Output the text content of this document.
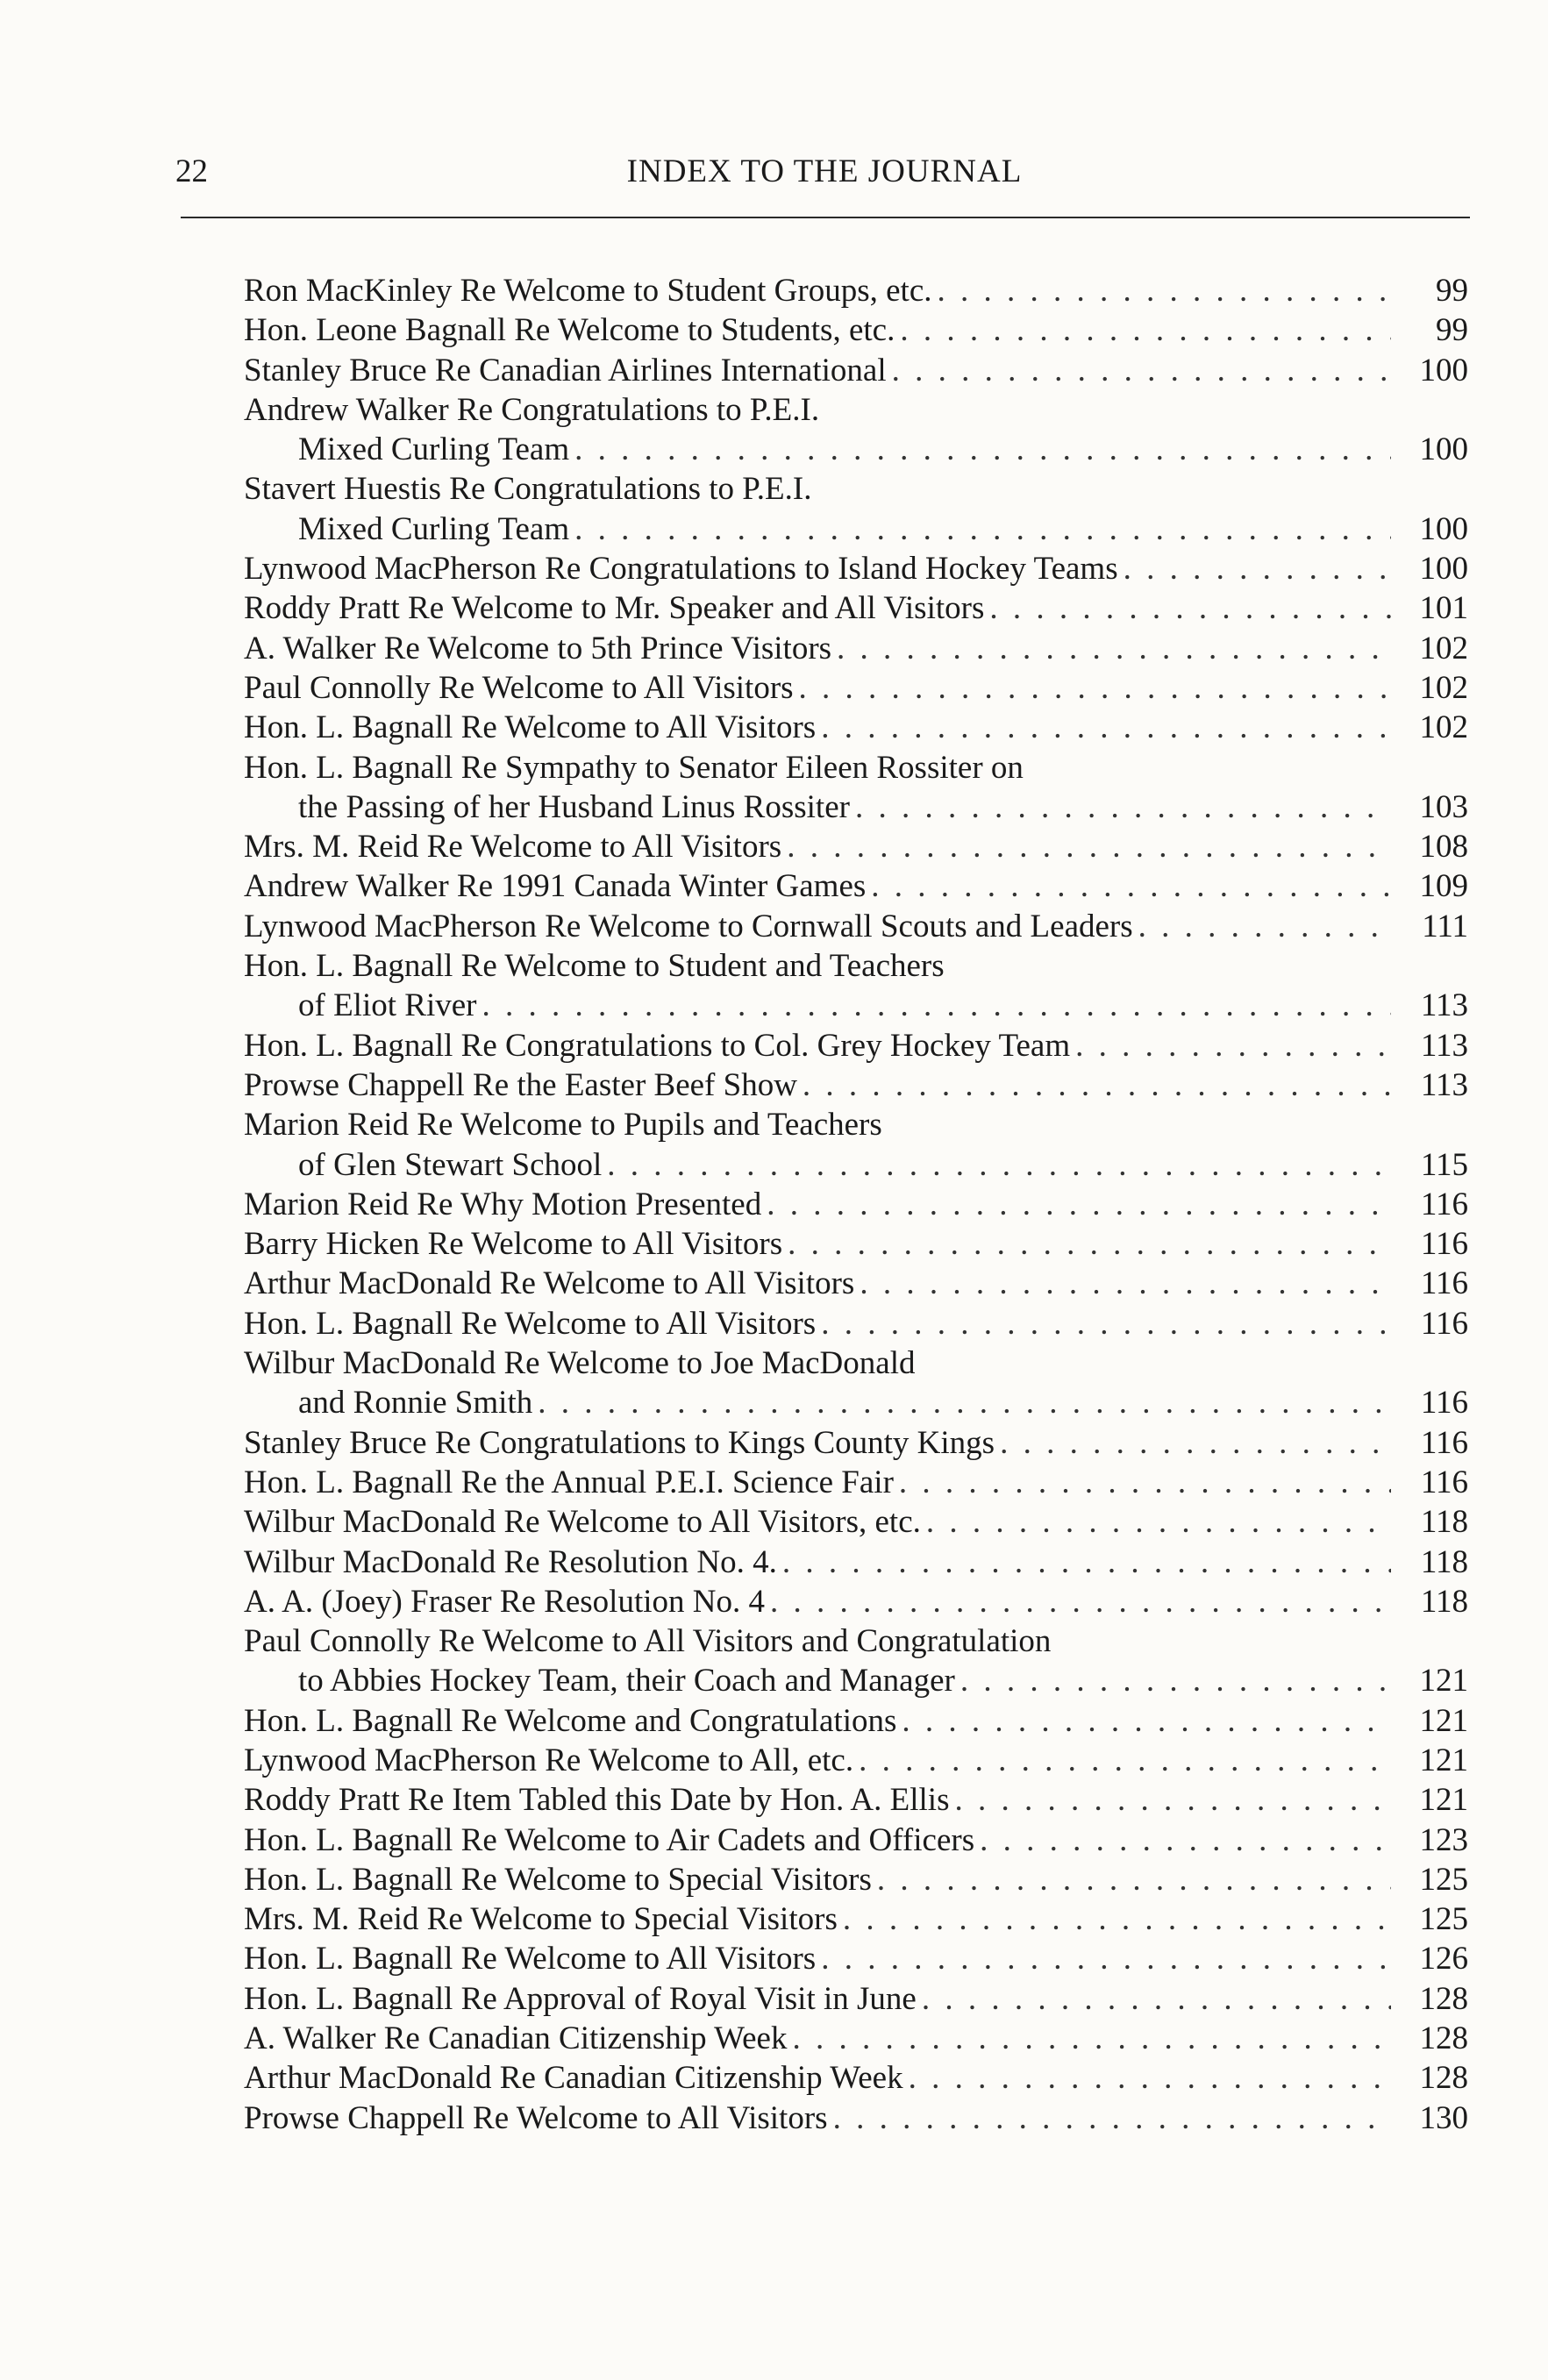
22	INDEX TO THE JOURNAL
Ron MacKinley Re Welcome to Student Groups, etc. . . .	99
Hon. Leone Bagnall Re Welcome to Students, etc. . . .	99
Stanley Bruce Re Canadian Airlines International . . .	100
Andrew Walker Re Congratulations to P.E.I.
Mixed Curling Team . . .	100
Stavert Huestis Re Congratulations to P.E.I.
Mixed Curling Team . . .	100
Lynwood MacPherson Re Congratulations to Island Hockey Teams . . .	100
Roddy Pratt Re Welcome to Mr. Speaker and All Visitors . . .	101
A. Walker Re Welcome to 5th Prince Visitors . . .	102
Paul Connolly Re Welcome to All Visitors . . .	102
Hon. L. Bagnall Re Welcome to All Visitors . . .	102
Hon. L. Bagnall Re Sympathy to Senator Eileen Rossiter on
the Passing of her Husband Linus Rossiter . . .	103
Mrs. M. Reid Re Welcome to All Visitors . . .	108
Andrew Walker Re 1991 Canada Winter Games . . .	109
Lynwood MacPherson Re Welcome to Cornwall Scouts and Leaders . . .	111
Hon. L. Bagnall Re Welcome to Student and Teachers
of Eliot River . . .	113
Hon. L. Bagnall Re Congratulations to Col. Grey Hockey Team . . .	113
Prowse Chappell Re the Easter Beef Show . . .	113
Marion Reid Re Welcome to Pupils and Teachers
of Glen Stewart School . . .	115
Marion Reid Re Why Motion Presented . . .	116
Barry Hicken Re Welcome to All Visitors . . .	116
Arthur MacDonald Re Welcome to All Visitors . . .	116
Hon. L. Bagnall Re Welcome to All Visitors . . .	116
Wilbur MacDonald Re Welcome to Joe MacDonald
and Ronnie Smith . . .	116
Stanley Bruce Re Congratulations to Kings County Kings . . .	116
Hon. L. Bagnall Re the Annual P.E.I. Science Fair . . .	116
Wilbur MacDonald Re Welcome to All Visitors, etc. . . .	118
Wilbur MacDonald Re Resolution No. 4. . . .	118
A. A. (Joey) Fraser Re Resolution No. 4 . . .	118
Paul Connolly Re Welcome to All Visitors and Congratulation
to Abbies Hockey Team, their Coach and Manager . . .	121
Hon. L. Bagnall Re Welcome and Congratulations . . .	121
Lynwood MacPherson Re Welcome to All, etc. . . .	121
Roddy Pratt Re Item Tabled this Date by Hon. A. Ellis . . .	121
Hon. L. Bagnall Re Welcome to Air Cadets and Officers . . .	123
Hon. L. Bagnall Re Welcome to Special Visitors . . .	125
Mrs. M. Reid Re Welcome to Special Visitors . . .	125
Hon. L. Bagnall Re Welcome to All Visitors . . .	126
Hon. L. Bagnall Re Approval of Royal Visit in June . . .	128
A. Walker Re Canadian Citizenship Week . . .	128
Arthur MacDonald Re Canadian Citizenship Week . . .	128
Prowse Chappell Re Welcome to All Visitors . . .	130
